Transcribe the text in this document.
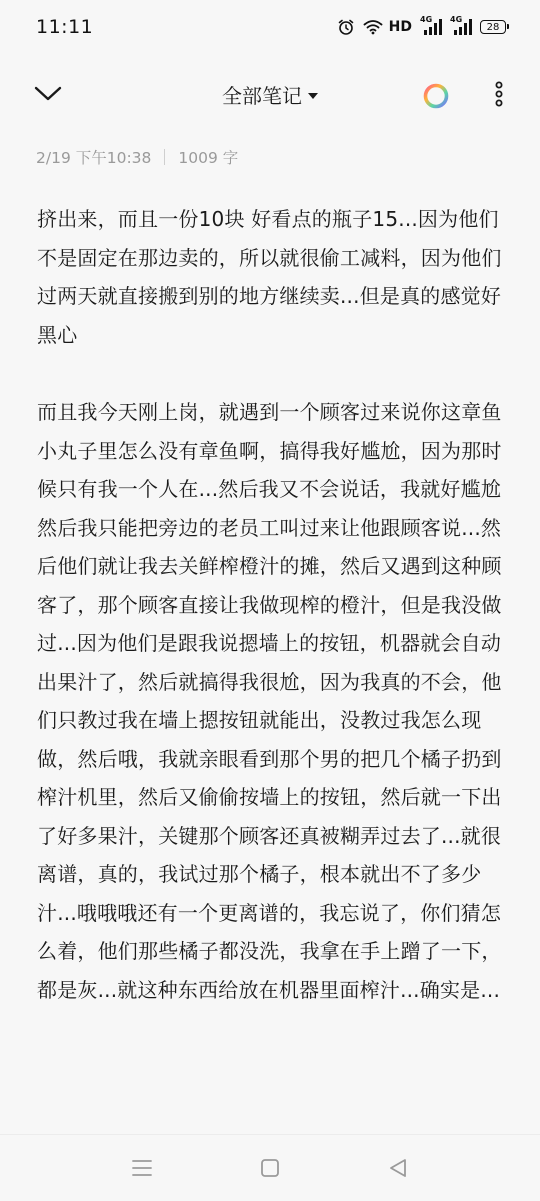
11:11	HD 4G 4G
28
全部笔记
2/19 下午10:38 1009 字

挤出来，而且一份10块 好看点的瓶子15...因为他们不是固定在那边卖的，所以就很偷工减料，因为他们过两天就直接搬到别的地方继续卖...但是真的感觉好黑心

而且我今天刚上岗，就遇到一个顾客过来说你这章鱼小丸子里怎么没有章鱼啊，搞得我好尴尬，因为那时候只有我一个人在...然后我又不会说话，我就好尴尬 然后我只能把旁边的老员工叫过来让他跟顾客说...然后他们就让我去关鲜榨橙汁的摊，然后又遇到这种顾客了，那个顾客直接让我做现榨的橙汁，但是我没做过...因为他们是跟我说摁墙上的按钮，机器就会自动出果汁了，然后就搞得我很尬，因为我真的不会，他们只教过我在墙上摁按钮就能出，没教过我怎么现做，然后哦，我就亲眼看到那个男的把几个橘子扔到榨汁机里，然后又偷偷按墙上的按钮，然后就一下出了好多果汁，关键那个顾客还真被糊弄过去了...就很离谱，真的，我试过那个橘子，根本就出不了多少汁...哦哦哦还有一个更离谱的，我忘说了，你们猜怎么着，他们那些橘子都没洗，我拿在手上蹭了一下，都是灰...就这种东西给放在机器里面榨汁...确实是...
